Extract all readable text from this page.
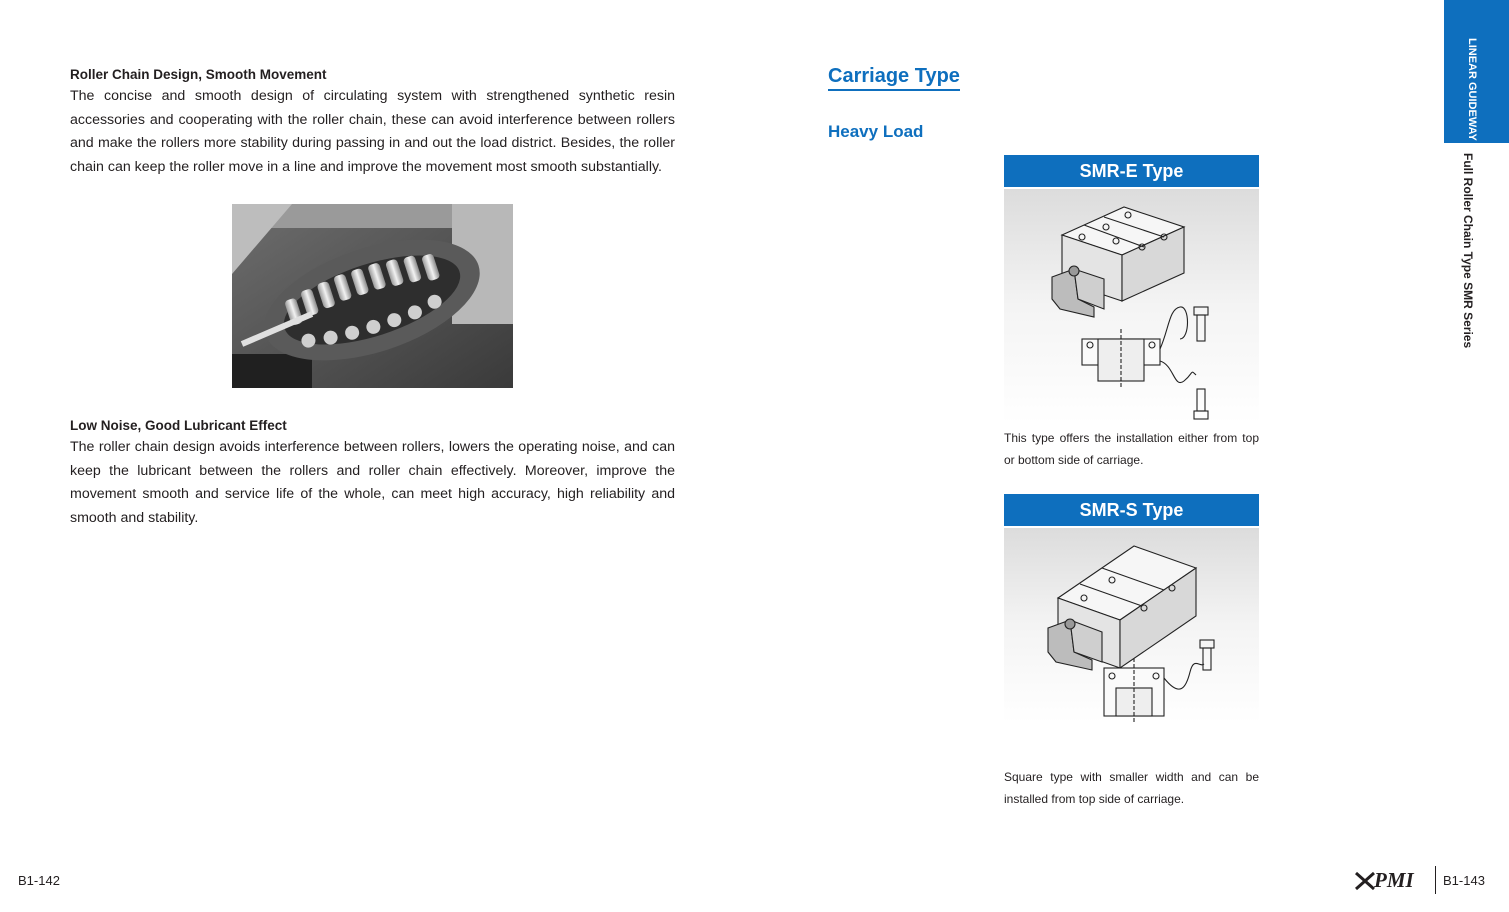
Roller Chain Design, Smooth Movement
The concise and smooth design of circulating system with strengthened synthetic resin accessories and cooperating with the roller chain, these can avoid interference between rollers and make the rollers more stability during passing in and out the load district. Besides, the roller chain can keep the roller move in a line and improve the movement most smooth substantially.
Low Noise, Good Lubricant Effect
The roller chain design avoids interference between rollers, lowers the operating noise, and can keep the lubricant between the rollers and roller chain effectively. Moreover, improve the movement smooth and service life of the whole, can meet high accuracy, high reliability and smooth and stability.
B1-142
Carriage Type
Heavy Load
SMR-E Type
This type offers the installation either from top or bottom side of carriage.
SMR-S Type
Square type with smaller width and can be installed from top side of carriage.
LINEAR GUIDEWAY
Full Roller Chain Type SMR Series
PMI B1-143
